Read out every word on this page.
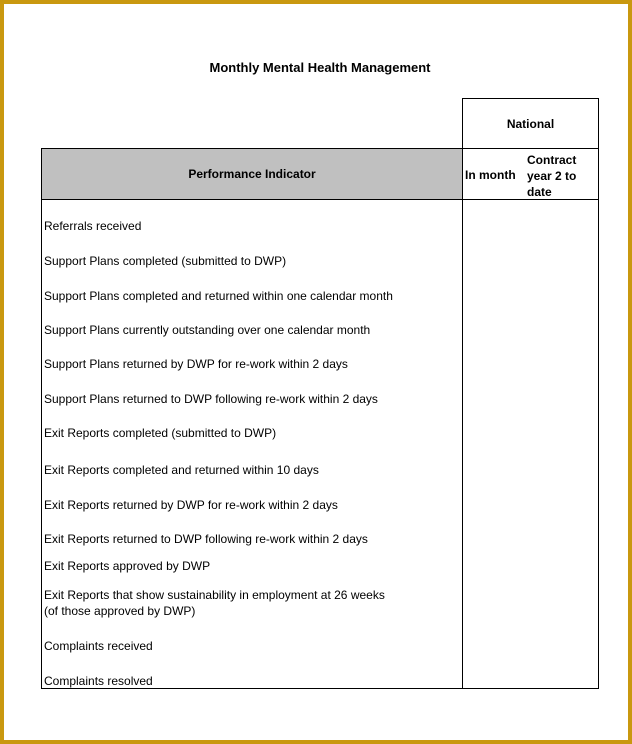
Monthly Mental Health Management
National
Performance Indicator	In month
Contract year 2 to date
Referrals received
Support Plans completed (submitted to DWP)
Support Plans completed and returned within one calendar month
Support Plans currently outstanding over one calendar month
Support Plans returned by DWP for re-work within 2 days
Support Plans returned to DWP following re-work within 2 days
Exit Reports completed (submitted to DWP)
Exit Reports completed and returned within 10 days
Exit Reports returned by DWP for re-work within 2 days
Exit Reports returned to DWP following re-work within 2 days
Exit Reports approved by DWP
Exit Reports that show sustainability in employment at 26 weeks
(of those approved by DWP)
Complaints received
Complaints resolved
